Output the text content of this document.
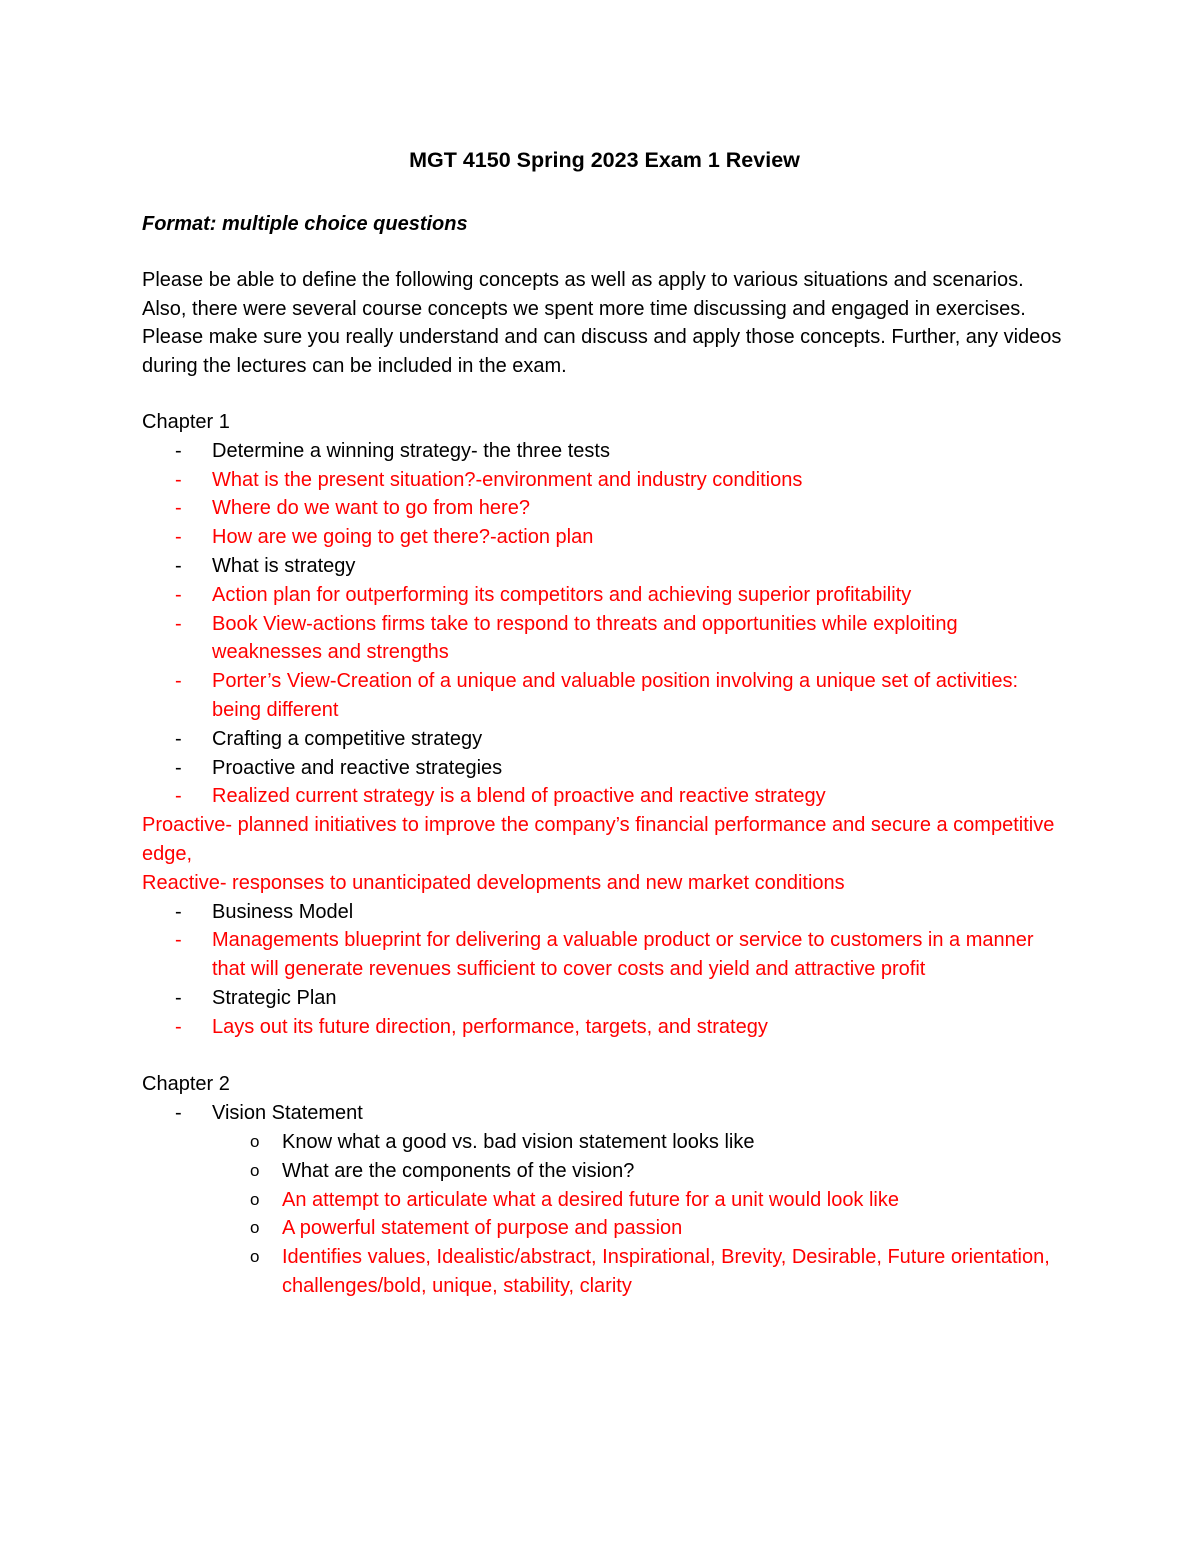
MGT 4150 Spring 2023 Exam 1 Review
Format: multiple choice questions
Please be able to define the following concepts as well as apply to various situations and scenarios. Also, there were several course concepts we spent more time discussing and engaged in exercises. Please make sure you really understand and can discuss and apply those concepts. Further, any videos during the lectures can be included in the exam.
Chapter 1
- Determine a winning strategy- the three tests
- What is the present situation?-environment and industry conditions
- Where do we want to go from here?
- How are we going to get there?-action plan
- What is strategy
- Action plan for outperforming its competitors and achieving superior profitability
- Book View-actions firms take to respond to threats and opportunities while exploiting weaknesses and strengths
- Porter’s View-Creation of a unique and valuable position involving a unique set of activities: being different
- Crafting a competitive strategy
- Proactive and reactive strategies
- Realized current strategy is a blend of proactive and reactive strategy
Proactive- planned initiatives to improve the company’s financial performance and secure a competitive edge,
Reactive- responses to unanticipated developments and new market conditions
- Business Model
- Managements blueprint for delivering a valuable product or service to customers in a manner that will generate revenues sufficient to cover costs and yield and attractive profit
- Strategic Plan
- Lays out its future direction, performance, targets, and strategy
Chapter 2
- Vision Statement
o Know what a good vs. bad vision statement looks like
o What are the components of the vision?
o An attempt to articulate what a desired future for a unit would look like
o A powerful statement of purpose and passion
o Identifies values, Idealistic/abstract, Inspirational, Brevity, Desirable, Future orientation, challenges/bold, unique, stability, clarity
